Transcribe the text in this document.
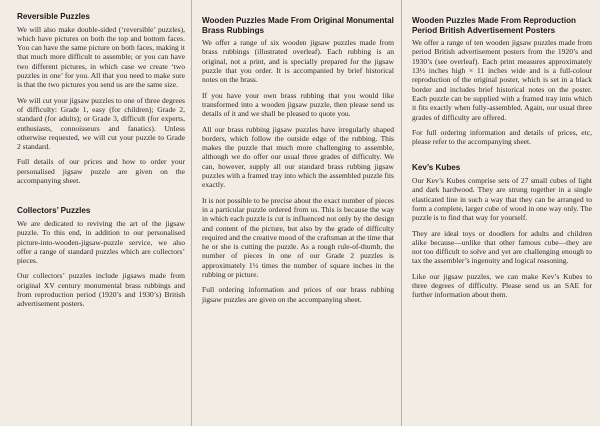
Reversible Puzzles

We will also make double-sided (‘reversible’ puzzles), which have pictures on both the top and bottom faces. You can have the same picture on both faces, making it that much more difficult to assemble; or you can have two different pictures, in which case we create ‘two puzzles in one’ for you. All that you need to make sure is that the two pictures you send us are the same size.

We will cut your jigsaw puzzles to one of three degrees of difficulty: Grade 1, easy (for children); Grade 2, standard (for adults); or Grade 3, difficult (for experts, enthusiasts, connoisseurs and fanatics). Unless otherwise requested, we will cut your puzzle to Grade 2 standard.

Full details of our prices and how to order your personalised jigsaw puzzle are given on the accompanying sheet.

Collectors’ Puzzles

We are dedicated to reviving the art of the jigsaw puzzle. To this end, in addition to our personalised picture-into-wooden-jigsaw-puzzle service, we also offer a range of standard puzzles which are collectors’ pieces.

Our collectors’ puzzles include jigsaws made from original XV century monumental brass rubbings and from reproduction period (1920’s and 1930’s) British advertisement posters.

Wooden Puzzles Made From Original Monumental Brass Rubbings

We offer a range of six wooden jigsaw puzzles made from brass rubbings (illustrated overleaf). Each rubbing is an original, not a print, and is specially prepared for the jigsaw puzzle that you order. It is accompanied by brief historical notes on the brass.

If you have your own brass rubbing that you would like transformed into a wooden jigsaw puzzle, then please send us details of it and we shall be pleased to quote you.

All our brass rubbing jigsaw puzzles have irregularly shaped borders, which follow the outside edge of the rubbing. This makes the puzzle that much more challenging to assemble, although we do offer our usual three grades of difficulty. We can, however, supply all our standard brass rubbing jigsaw puzzles with a framed tray into which the assembled puzzle fits exactly.

It is not possible to be precise about the exact number of pieces in a particular puzzle ordered from us. This is because the way in which each puzzle is cut is influenced not only by the design and content of the picture, but also by the grade of difficulty required and the creative mood of the craftsman at the time that he or she is cutting the puzzle. As a rough rule-of-thumb, the number of pieces in one of our Grade 2 puzzles is approximately 1½ times the number of square inches in the rubbing or picture.

Full ordering information and prices of our brass rubbing jigsaw puzzles are given on the accompanying sheet.

Wooden Puzzles Made From Reproduction Period British Advertisement Posters

We offer a range of ten wooden jigsaw puzzles made from period British advertisement posters from the 1920’s and 1930’s (see overleaf). Each print measures approximately 13½ inches high × 11 inches wide and is a full-colour reproduction of the original poster, which is set in a black border and includes brief historical notes on the poster. Each puzzle can be supplied with a framed tray into which it fits exactly when fully-assembled. Again, our usual three grades of difficulty are offered.

For full ordering information and details of prices, etc, please refer to the accompanying sheet.

Kev’s Kubes

Our Kev’s Kubes comprise sets of 27 small cubes of light and dark hardwood. They are strung together in a single elasticated line in such a way that they can be arranged to form a complete, larger cube of wood in one way only. The puzzle is to find that way for yourself.

They are ideal toys or doodlers for adults and children alike because—unlike that other famous cube—they are not too difficult to solve and yet are challenging enough to tax the assembler’s ingenuity and logical reasoning.

Like our jigsaw puzzles, we can make Kev’s Kubes to three degrees of difficulty. Please send us an SAE for further information about them.
